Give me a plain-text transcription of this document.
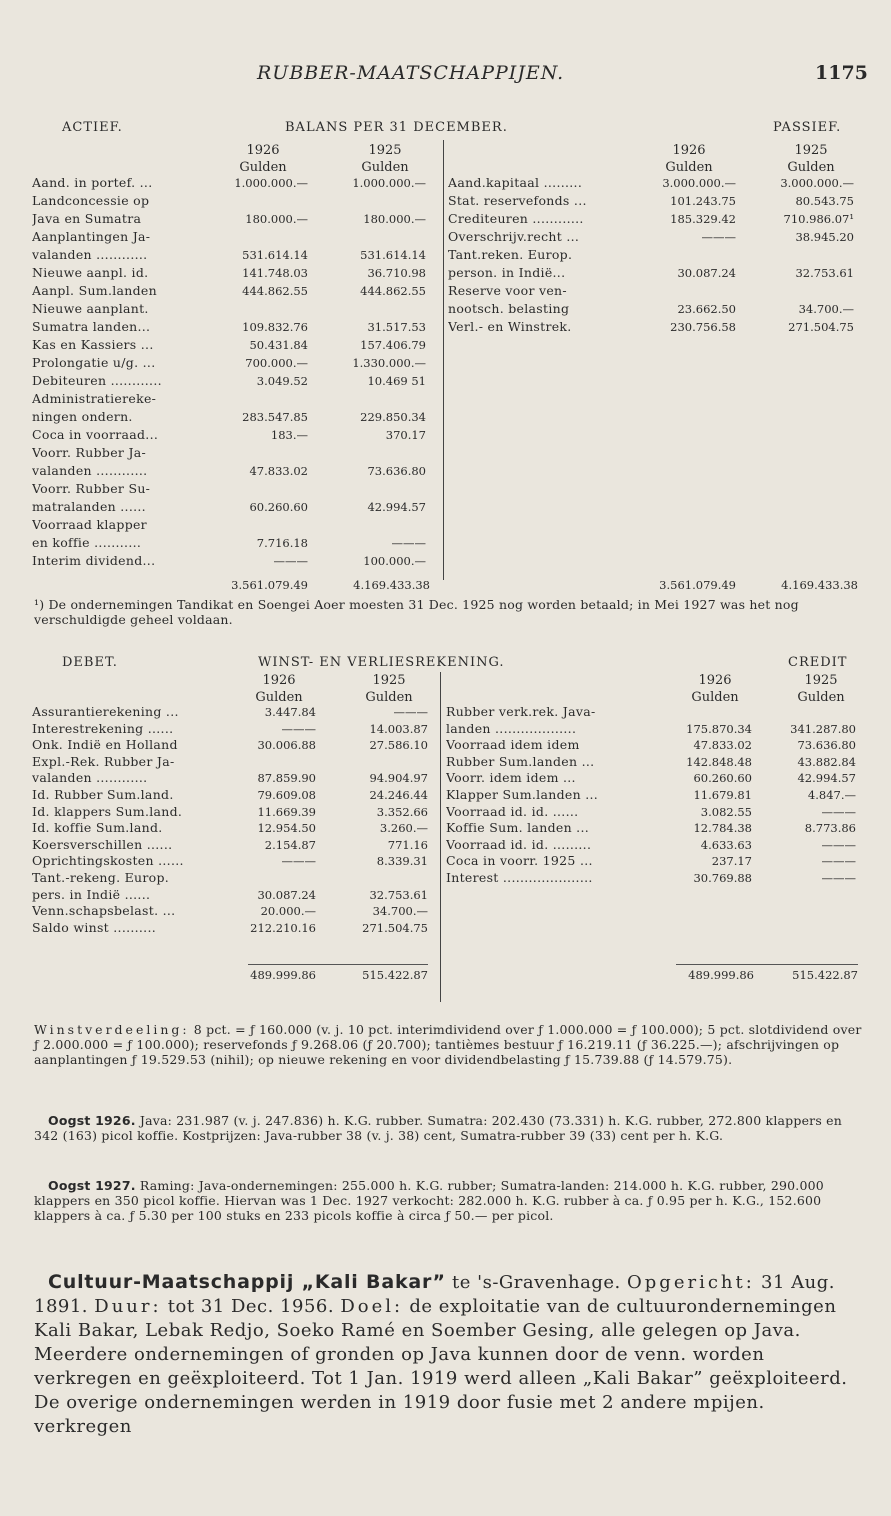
RUBBER-MAATSCHAPPIJEN.	1175
ACTIEF.	BALANS PER 31 DECEMBER.	PASSIEF.
1926
Gulden
1925
Gulden
1926
Gulden
1925
Gulden
Aand. in portef. ...	1.000.000.—	1.000.000.—
Landconcessie op
Java en Sumatra	180.000.—	180.000.—
Aanplantingen Ja-
valanden ............	531.614.14	531.614.14
Nieuwe aanpl. id.	141.748.03	36.710.98
Aanpl. Sum.landen	444.862.55	444.862.55
Nieuwe aanplant.
Sumatra landen...	109.832.76	31.517.53
Kas en Kassiers ...	50.431.84	157.406.79
Prolongatie u/g. ...	700.000.—	1.330.000.—
Debiteuren ............	3.049.52	10.469 51
Administratiereke-
ningen ondern.	283.547.85	229.850.34
Coca in voorraad...	183.—	370.17
Voorr. Rubber Ja-
valanden ............	47.833.02	73.636.80
Voorr. Rubber Su-
matralanden ......	60.260.60	42.994.57
Voorraad klapper
en koffie ...........	7.716.18	———
Interim dividend...	———	100.000.—
Aand.kapitaal .........	3.000.000.—	3.000.000.—
Stat. reservefonds ...	101.243.75	80.543.75
Crediteuren ............	185.329.42	710.986.07¹
Overschrijv.recht ...	———	38.945.20
Tant.reken. Europ.
person. in Indië...	30.087.24	32.753.61
Reserve voor ven-
nootsch. belasting	23.662.50	34.700.—
Verl.- en Winstrek.	230.756.58	271.504.75
3.561.079.49	4.169.433.38	3.561.079.49	4.169.433.38
¹) De ondernemingen Tandikat en Soengei Aoer moesten 31 Dec. 1925 nog worden betaald; in Mei 1927 was het nog verschuldigde geheel voldaan.
DEBET.	WINST- EN VERLIESREKENING.	CREDIT
1926
Gulden
1925
Gulden
1926
Gulden
1925
Gulden
Assurantierekening ...	3.447.84	———
Interestrekening ......	———	14.003.87
Onk. Indië en Holland	30.006.88	27.586.10
Expl.-Rek. Rubber Ja-
valanden ............	87.859.90	94.904.97
Id. Rubber Sum.land.	79.609.08	24.246.44
Id. klappers Sum.land.	11.669.39	3.352.66
Id. koffie Sum.land.	12.954.50	3.260.—
Koersverschillen ......	2.154.87	771.16
Oprichtingskosten ......	———	8.339.31
Tant.-rekeng. Europ.
pers. in Indië ......	30.087.24	32.753.61
Venn.schapsbelast. ...	20.000.—	34.700.—
Saldo winst ..........	212.210.16	271.504.75
Rubber verk.rek. Java-
landen ...................	175.870.34	341.287.80
Voorraad idem idem	47.833.02	73.636.80
Rubber Sum.landen ...	142.848.48	43.882.84
Voorr. idem idem ...	60.260.60	42.994.57
Klapper Sum.landen ...	11.679.81	4.847.—
Voorraad id. id. ......	3.082.55	———
Koffie Sum. landen ...	12.784.38	8.773.86
Voorraad id. id. .........	4.633.63	———
Coca in voorr. 1925 ...	237.17	———
Interest .....................	30.769.88	———
489.999.86	515.422.87	489.999.86	515.422.87
Winstverdeeling: 8 pct. = ƒ 160.000 (v. j. 10 pct. interimdividend over ƒ 1.000.000 = ƒ 100.000); 5 pct. slotdividend over ƒ 2.000.000 = ƒ 100.000); reservefonds ƒ 9.268.06 (ƒ 20.700); tantièmes bestuur ƒ 16.219.11 (ƒ 36.225.—); afschrijvingen op aanplantingen ƒ 19.529.53 (nihil); op nieuwe rekening en voor dividendbelasting ƒ 15.739.88 (ƒ 14.579.75).
Oogst 1926. Java: 231.987 (v. j. 247.836) h. K.G. rubber. Sumatra: 202.430 (73.331) h. K.G. rubber, 272.800 klappers en 342 (163) picol koffie. Kostprijzen: Java-rubber 38 (v. j. 38) cent, Sumatra-rubber 39 (33) cent per h. K.G.
Oogst 1927. Raming: Java-ondernemingen: 255.000 h. K.G. rubber; Sumatra-landen: 214.000 h. K.G. rubber, 290.000 klappers en 350 picol koffie. Hiervan was 1 Dec. 1927 verkocht: 282.000 h. K.G. rubber à ca. ƒ 0.95 per h. K.G., 152.600 klappers à ca. ƒ 5.30 per 100 stuks en 233 picols koffie à circa ƒ 50.— per picol.
Cultuur-Maatschappij „Kali Bakar” te 's-Gravenhage. Opgericht: 31 Aug. 1891. Duur: tot 31 Dec. 1956. Doel: de exploitatie van de cultuurondernemingen Kali Bakar, Lebak Redjo, Soeko Ramé en Soember Gesing, alle gelegen op Java. Meerdere ondernemingen of gronden op Java kunnen door de venn. worden verkregen en geëxploiteerd. Tot 1 Jan. 1919 werd alleen „Kali Bakar” geëxploiteerd. De overige ondernemingen werden in 1919 door fusie met 2 andere mpijen. verkregen
